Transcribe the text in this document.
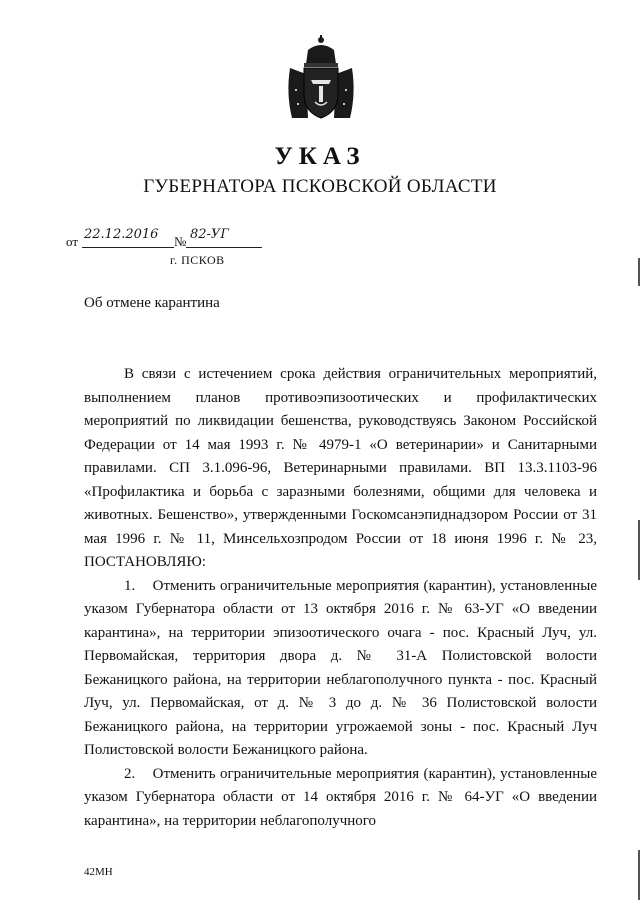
УКАЗ
ГУБЕРНАТОРА ПСКОВСКОЙ ОБЛАСТИ
от 22.12.2016 № 82-УГ
г. ПСКОВ
Об отмене карантина

В связи с истечением срока действия ограничительных мероприятий, выполнением планов противоэпизоотических и профилактических мероприятий по ликвидации бешенства, руководствуясь Законом Российской Федерации от 14 мая 1993 г. № 4979-1 «О ветеринарии» и Санитарными правилами. СП 3.1.096-96, Ветеринарными правилами. ВП 13.3.1103-96 «Профилактика и борьба с заразными болезнями, общими для человека и животных. Бешенство», утвержденными Госкомсанэпиднадзором России от 31 мая 1996 г. № 11, Минсельхозпродом России от 18 июня 1996 г. № 23, ПОСТАНОВЛЯЮ:

1.    Отменить ограничительные мероприятия (карантин), установленные указом Губернатора области от 13 октября 2016 г. № 63-УГ «О введении карантина», на территории эпизоотического очага - пос. Красный Луч, ул. Первомайская, территория двора д. № 31-А Полистовской волости Бежаницкого района, на территории неблагополучного пункта - пос. Красный Луч, ул. Первомайская, от д. № 3 до д. № 36 Полистовской волости Бежаницкого района, на территории угрожаемой зоны - пос. Красный Луч Полистовской волости Бежаницкого района.

2.    Отменить ограничительные мероприятия (карантин), установленные указом Губернатора области от 14 октября 2016 г. № 64-УГ «О введении карантина», на территории неблагополучного

42МН
